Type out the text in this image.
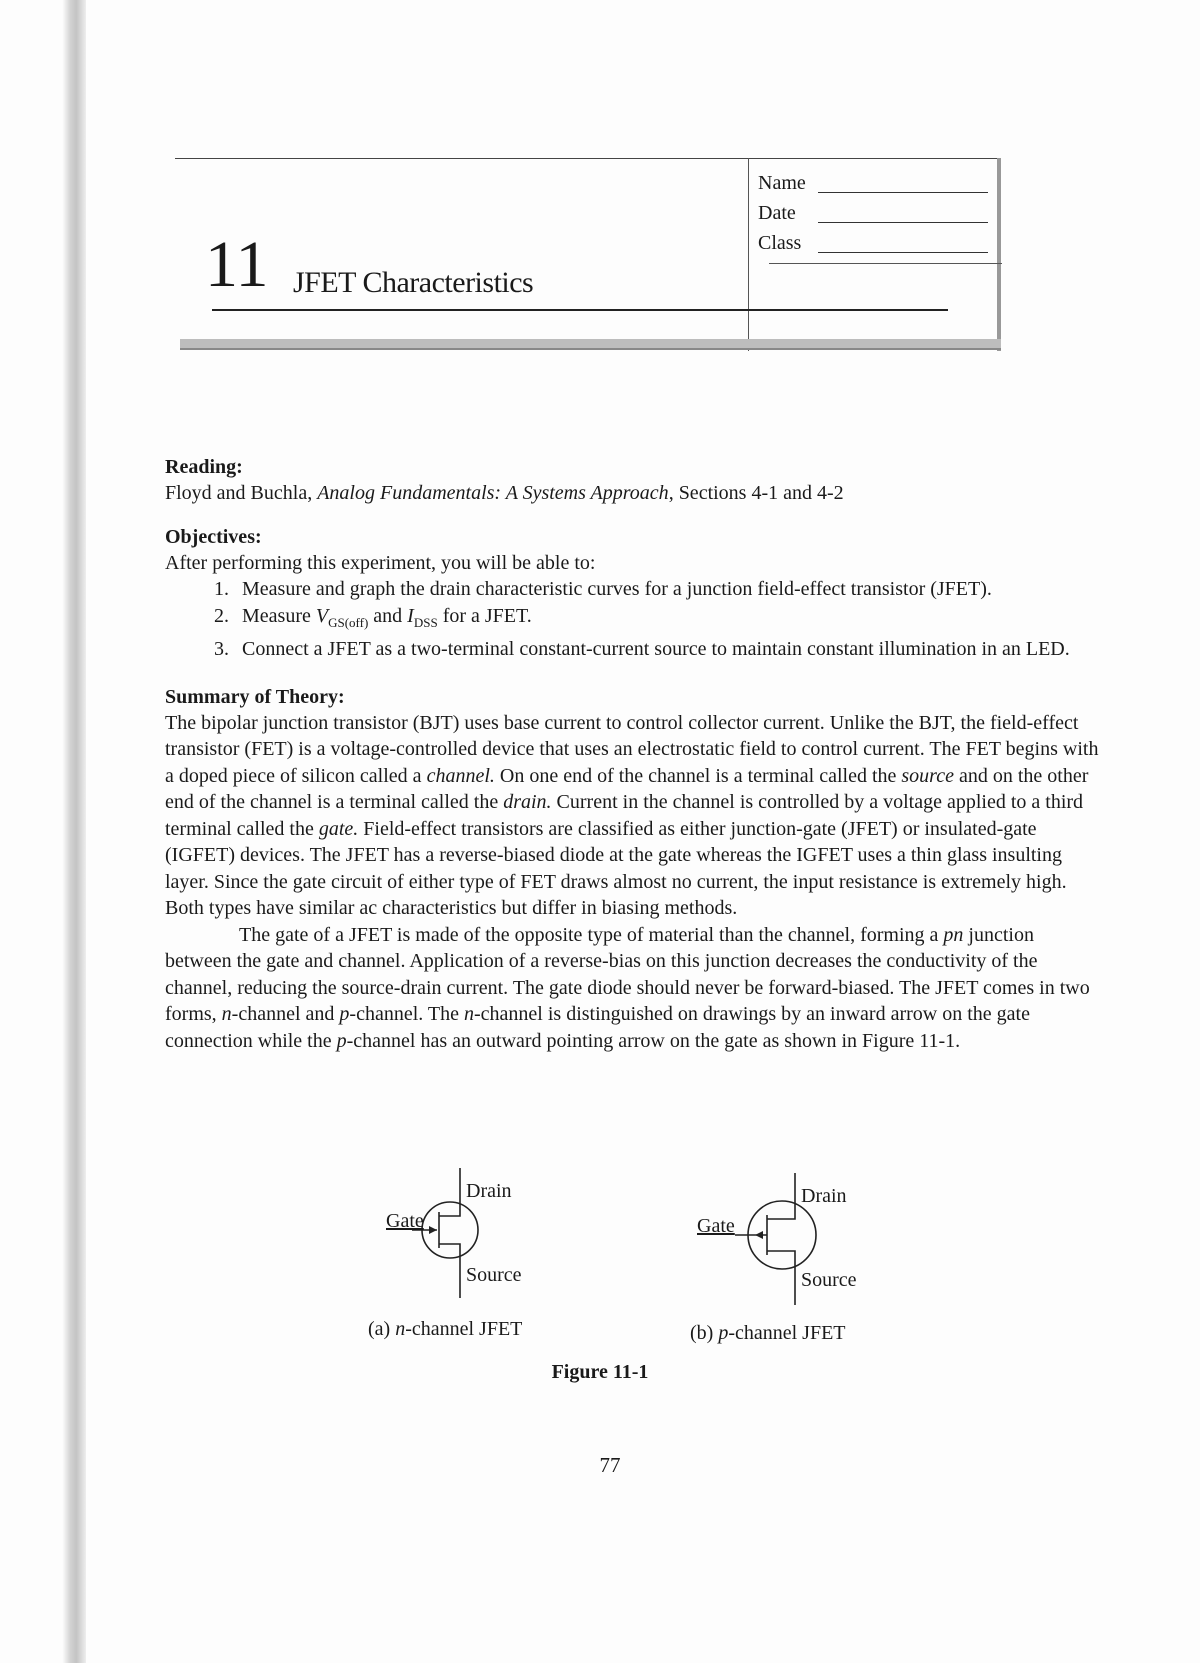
Name
Date
Class
11 JFET Characteristics
Reading:

Floyd and Buchla, Analog Fundamentals: A Systems Approach, Sections 4-1 and 4-2

Objectives:

After performing this experiment, you will be able to:

1. Measure and graph the drain characteristic curves for a junction field-effect transistor (JFET).
2. Measure $V_{GS(off)}$ and $I_{DSS}$ for a JFET.
3. Connect a JFET as a two-terminal constant-current source to maintain constant illumination in an LED.
Summary of Theory:

The bipolar junction transistor (BJT) uses base current to control collector current. Unlike the BJT, the field-effect transistor (FET) is a voltage-controlled device that uses an electrostatic field to control current. The FET begins with a doped piece of silicon called a channel. On one end of the channel is a terminal called the source and on the other end of the channel is a terminal called the drain. Current in the channel is controlled by a voltage applied to a third terminal called the gate. Field-effect transistors are classified as either junction-gate (JFET) or insulated-gate (IGFET) devices. The JFET has a reverse-biased diode at the gate whereas the IGFET uses a thin glass insulting layer. Since the gate circuit of either type of FET draws almost no current, the input resistance is extremely high. Both types have similar ac characteristics but differ in biasing methods.

The gate of a JFET is made of the opposite type of material than the channel, forming a pn junction between the gate and channel. Application of a reverse-bias on this junction decreases the conductivity of the channel, reducing the source-drain current. The gate diode should never be forward-biased. The JFET comes in two forms, n-channel and p-channel. The n-channel is distinguished on drawings by an inward arrow on the gate connection while the p-channel has an outward pointing arrow on the gate as shown in Figure 11-1.

Gate
Drain
Source
(a) n-channel JFET
Gate
Drain
Source
(b) p-channel JFET
Figure 11-1
77
